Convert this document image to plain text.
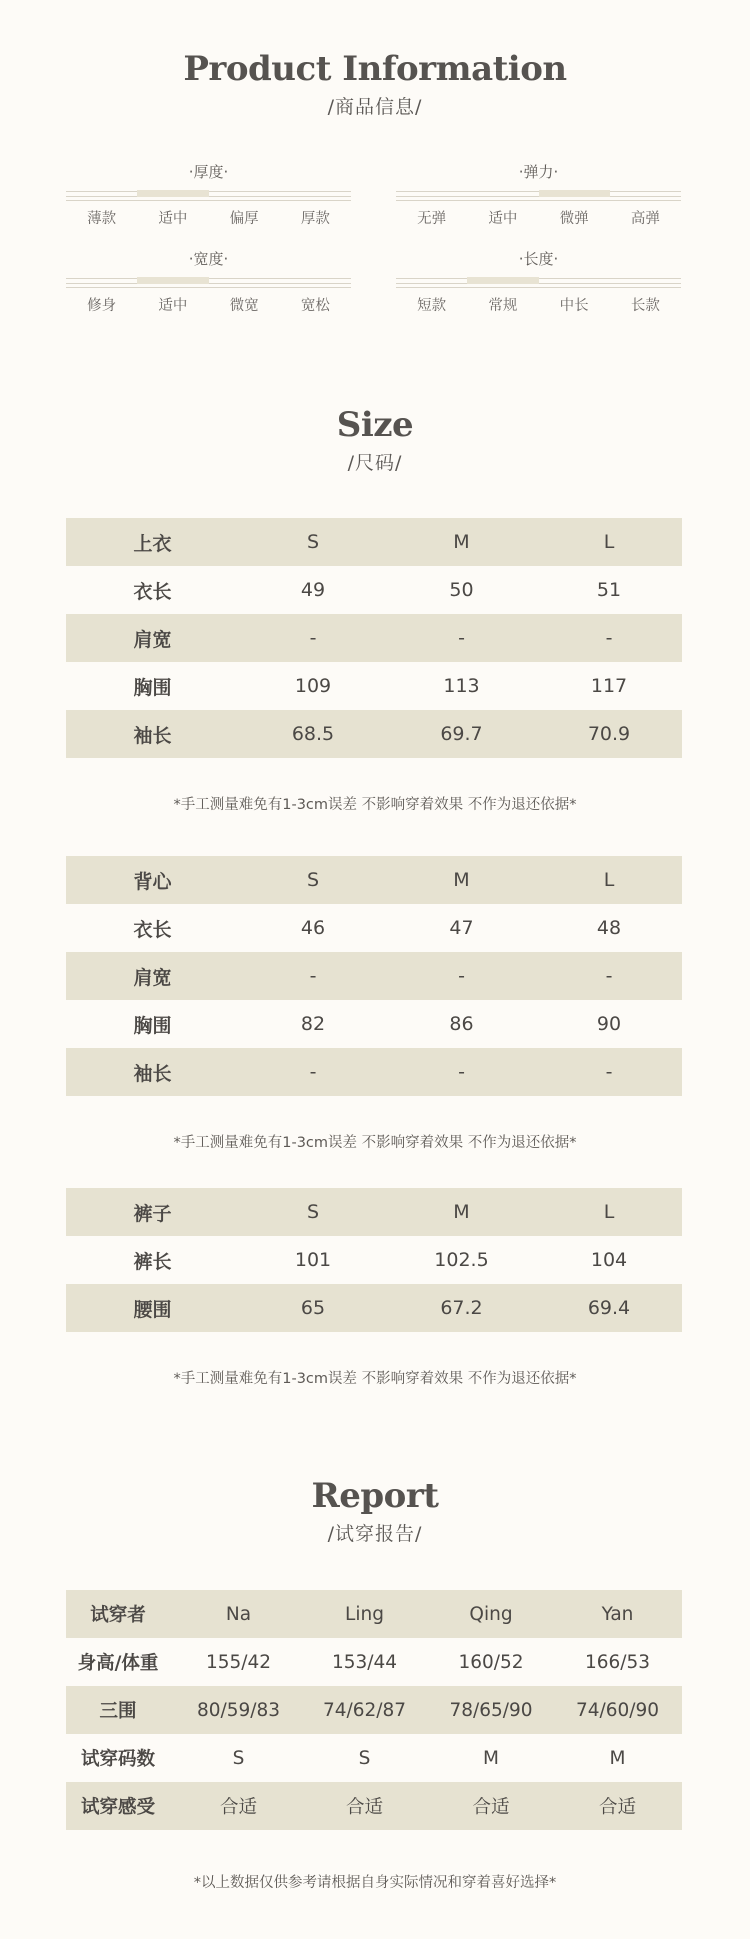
Product Information
/商品信息/
·厚度·
薄款	适中	偏厚	厚款
·弹力·
无弹	适中	微弹	高弹
·宽度·
修身	适中	微宽	宽松
·长度·
短款	常规	中长	长款
Size
/尺码/
上衣	S	M	L
衣长	49	50	51
肩宽	-	-	-
胸围	109	113	117
袖长	68.5	69.7	70.9
*手工测量难免有1-3cm误差 不影响穿着效果 不作为退还依据*
背心	S	M	L
衣长	46	47	48
肩宽	-	-	-
胸围	82	86	90
袖长	-	-	-
*手工测量难免有1-3cm误差 不影响穿着效果 不作为退还依据*
裤子	S	M	L
裤长	101	102.5	104
腰围	65	67.2	69.4
*手工测量难免有1-3cm误差 不影响穿着效果 不作为退还依据*
Report
/试穿报告/
试穿者	Na	Ling	Qing	Yan
身高/体重	155/42	153/44	160/52	166/53
三围	80/59/83	74/62/87	78/65/90	74/60/90
试穿码数	S	S	M	M
试穿感受	合适	合适	合适	合适
*以上数据仅供参考请根据自身实际情况和穿着喜好选择*
